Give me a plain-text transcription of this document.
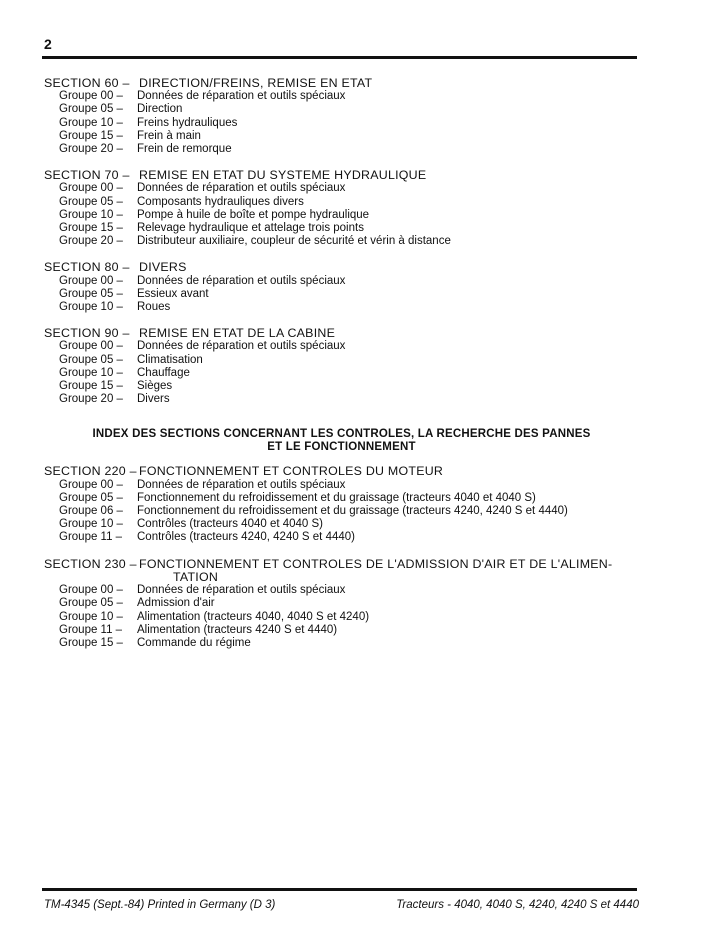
2
SECTION 60 – DIRECTION/FREINS, REMISE EN ETAT
Groupe 00 –	Données de réparation et outils spéciaux
Groupe 05 –	Direction
Groupe 10 –	Freins hydrauliques
Groupe 15 –	Frein à main
Groupe 20 –	Frein de remorque
SECTION 70 – REMISE EN ETAT DU SYSTEME HYDRAULIQUE
Groupe 00 –	Données de réparation et outils spéciaux
Groupe 05 –	Composants hydrauliques divers
Groupe 10 –	Pompe à huile de boîte et pompe hydraulique
Groupe 15 –	Relevage hydraulique et attelage trois points
Groupe 20 –	Distributeur auxiliaire, coupleur de sécurité et vérin à distance
SECTION 80 – DIVERS
Groupe 00 –	Données de réparation et outils spéciaux
Groupe 05 –	Essieux avant
Groupe 10 –	Roues
SECTION 90 – REMISE EN ETAT DE LA CABINE
Groupe 00 –	Données de réparation et outils spéciaux
Groupe 05 –	Climatisation
Groupe 10 –	Chauffage
Groupe 15 –	Sièges
Groupe 20 –	Divers
INDEX DES SECTIONS CONCERNANT LES CONTROLES, LA RECHERCHE DES PANNES
ET LE FONCTIONNEMENT
SECTION 220 – FONCTIONNEMENT ET CONTROLES DU MOTEUR
Groupe 00 –	Données de réparation et outils spéciaux
Groupe 05 –	Fonctionnement du refroidissement et du graissage (tracteurs 4040 et 4040 S)
Groupe 06 –	Fonctionnement du refroidissement et du graissage (tracteurs 4240, 4240 S et 4440)
Groupe 10 –	Contrôles (tracteurs 4040 et 4040 S)
Groupe 11 –	Contrôles (tracteurs 4240, 4240 S et 4440)
SECTION 230 – FONCTIONNEMENT ET CONTROLES DE L'ADMISSION D'AIR ET DE L'ALIMEN-
TATION
Groupe 00 –	Données de réparation et outils spéciaux
Groupe 05 –	Admission d'air
Groupe 10 –	Alimentation (tracteurs 4040, 4040 S et 4240)
Groupe 11 –	Alimentation (tracteurs 4240 S et 4440)
Groupe 15 –	Commande du régime
TM-4345 (Sept.-84) Printed in Germany (D 3)	Tracteurs - 4040, 4040 S, 4240, 4240 S et 4440
